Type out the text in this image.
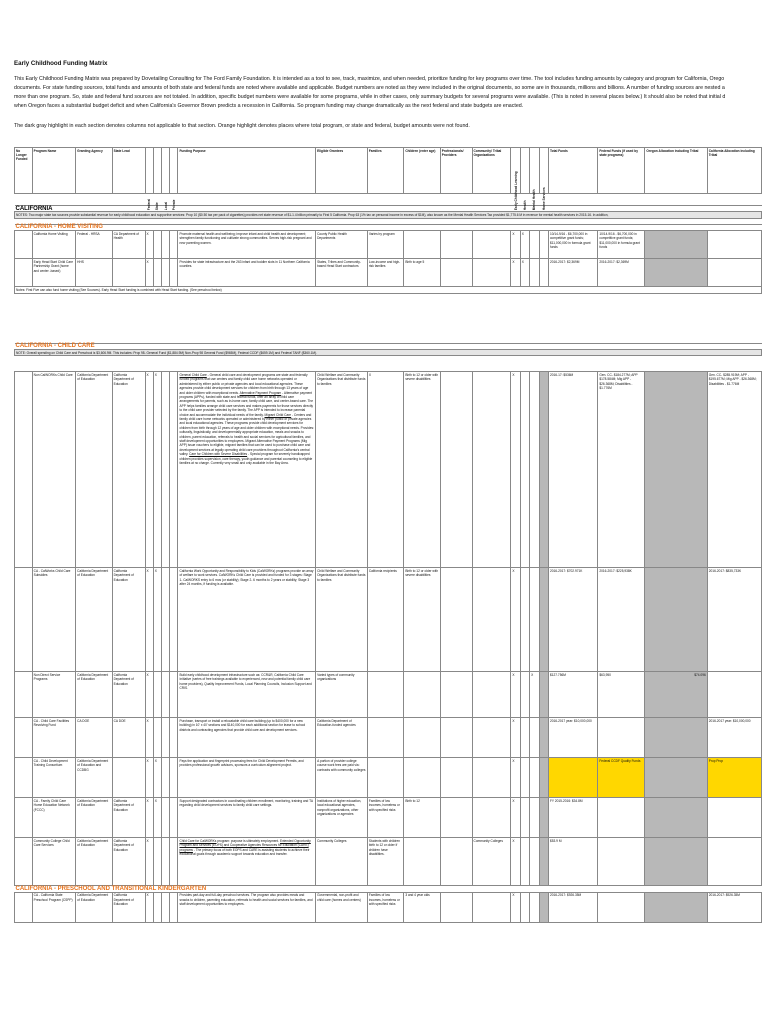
Early Childhood Funding Matrix
This Early Childhood Funding Matrix was prepared by Dovetailing Consulting for The Ford Family Foundation. It is intended as a tool to see, track, maximize, and when needed, prioritize funding for key programs over time. The tool includes funding amounts by category and program for California, Orego
documents. For state funding sources, total funds and amounts of both state and federal funds are noted where available and applicable. Budget numbers are noted as they were included in the original documents, so some are in thousands, millions and billions. A number of funding sources are nested a
more than one program. So, state and federal fund sources are not totaled. In addition, specific budget numbers were available for some programs, while in other cases, only summary budgets for several programs were available. (This is noted in several places below.) It should also be noted that initial d
when Oregon faces a substantial budget deficit and when California's Governor Brown predicts a recession in California. So program funding may change dramatically as the next federal and state budgets are enacted.
The dark gray highlight in each section denotes columns not applicable to that section. Orange highlight denotes places where total program, or state and federal, budget amounts were not found.
No Longer Funded	Program Name	Granting Agency	State Lead	Federal	State	Local	Private	Funding Purpose	Eligible Grantees	Families	Children (enter age)	Professionals/ Providers	Community/ Tribal Organizations	Early Childhood Learning	Health	Mental Health	Home Services	Total Funds	Federal Funds (if used by state programs)	Oregon Allocation including Tribal	California Allocation including Tribal

CALIFORNIA																					
NOTES: Two major state tax sources provide substantial revenue for early childhood education and supportive services: Prop 10 ($0.50 tax per pack of cigarettes) provides net state revenue of $1-1.4 billion primarily to First 5 California. Prop 63 (1% tax on personal income in excess of $1M), also known as the Mental Health Services Tax provided $1,775.6 M in revenue for mental health services in 2015-16. In addition,																					

CALIFORNIA - HOME VISITING																					
	California Home Visiting	Federal - HRSA	CA Department of Health	X				Promote maternal health and wellbeing; improve infant and child health and development; strengthen family functioning and cultivate strong communities. Serves high-risk pregnant and new parenting women.	County Public Health Departments	Varies by program				X	X			10/14-9/16 - $6,700,000 in competitive grant funds; $11,000,000 in formula grant funds	10/14-9/16 - $6,700,000 in competitive grant funds; $11,000,000 in formula grant funds		
	Early Head Start Child Care Partnership Grant (home and center -based)	HHS		X				Provides for state infrastructure and the 263 infant and toddler slots in 11 Northern California counties.	States, Tribes and Community-based Head Start contractors	Low-income and high-risk families	Birth to age 5			X	X			2016-2017: $2,369M	2016-2017: $2,369M		
Notes: First Five can also fund home visiting (See Sources). Early Head Start funding is combined with Head Start funding. (See preschool below)																					

CALIFORNIA - CHILD CARE																					
NOTE: Overall spending on Child Care and Preschool is $3,606.9M. This includes: Prop 98- General Fund ($1,884.9M) Non-Prop 98 General Fund ($965M), Federal CCDF ($659.1M) and Federal TANF ($360.1M).																					

	Non CalWORKs Child Care	California Department of Education	California Department of Education	X	X			General Child Care - General child care and development programs are state and federally funded programs that use centers and family child care home networks operated or administered by either public or private agencies and local educational agencies. These agencies provide child development services for children from birth through 13 years of age and older children with exceptional needs. Alternative Payment Program - Alternative payment programs (APPs), funded with state and federal funds, offer an array of child care arrangements for parents, such as in-home care, family child care, and center-based care. The APP helps families arrange child care services and makes payments for those services directly to the child care provider selected by the family. The APP is intended to increase parental choice and accommodate the individual needs of the family. Migrant Child Care - Centers and family child care home networks operated or administered by either public or private agencies and local educational agencies. These programs provide child development services for children from birth through 12 years of age and older children with exceptional needs. Provides: culturally, linguistically, and developmentally appropriate education, meals and snacks to children, parent education, referrals to health and social services for agricultural families, and staff development opportunities to employees. Migrant Alternative Payment Programs (Mig APP) issue vouchers to eligible, migrant families that can be used to purchase child care and development services at legally operating child care providers throughout California's central valley. Care for Children with Severe Disabilities - Special program for severely handicapped children provides supervision, care therapy, youth guidance and parental counseling to eligible families at no charge. Currently very small and only available in the Bay Area.	Child Welfare and Community Organizations that distribute funds to families	X	Birth to 12 or older with severe disabilities			X				2016-17: $536M	Gen. CC- $184.277M; APP $178.584M; Mig APP - $26.368M; Disabilities - $1.776M		Gen. CC- $285.919M; APP - $195.677M; Mig APP - $26.368M; Disabilities - $1.776M
	CA - CalWorks Child Care Subsidies	California Department of Education	California Department of Education	X	X			California Work Opportunity and Responsibility to Kids (CalWORKs) programs provide an array of welfare to work services. CalWORKs Child Care is provided and funded for 3 stages: Stage 1- CalWORKS entry to 6 mos (or stability); Stage 2- 6 months to 2 years or stability; Stage 3 after 24 months, if funding is available.	Child Welfare and Community Organizations that distribute funds to families	California recipients	Birth to 12 or older with severe disabilities			X				2016-2017: $702.971K	2016-2017: $225,938K		2016-2017: $835,733K
	Non Direct Service Programs	California Department of Education	California Department of Education	X				Build early childhood development infrastructure such as: CCR&R, California Child Care Initiative (series of free trainings available to experienced, new and potential family child care home providers), Quality Improvement Funds, Local Planning Councils, Inclusion Support and CRIS.	Varied types of community organizations					X		X		$127.756M	$63,950	$74.096	
	CA - Child Care Facilities Revolving Fund	CA DOE	CA DOE	X				Purchase, transport or install a relocatable child care building (up to $400,000 for a new building) in 10' x 40' sections and $140,000 for each additional section for lease to school districts and contracting agencies that provide child care and development services.	California Department of Education-funded agencies					X				2016-2017 year: $10,000,000			2016-2017 year: $10,000,000
	CA - Child Development Training Consortium	California Department of Education and CCDBG		X	X			Pays the application and fingerprint processing fees for Child Development Permits, and provides professional growth advisors, sponsors a curriculum alignment project.	A portion of provider college course work fees are paid via: contracts with community colleges					X					Federal CCDF Quality Funds		Prop Prop
	CA - Family Child Care Home Education Network (FCCC)	California Department of Education	California Department of Education	X	X			Support designated contractors in coordinating children enrollment, monitoring, training and TA regarding child development services to family child care settings.	Institutions of higher education, local educational agencies, nonprofit organizations, other organizations or agencies	Families of low incomes, homeless or with specified risks	Birth to 12			X				FY 2015-2016: $34.8M			
	Community College Child Care Services	California Department of Education	California Department of Education	X				Child Care for CalWORKs program: purpose is ultimately employment. Extended Opportunity Program and Services (EOPS) and Cooperative Agencies Resources for Education (CARE) programs - The primary focus of both EOPS and CARE is assisting students to achieve their educational goals through academic support towards education and transfer.	Community Colleges	Students with children birth to 12 or older if children have disabilities.			Community Colleges	X				$53.9 M			
CALIFORNIA - PRESCHOOL AND TRANSITIONAL KINDERGARTEN																					
	CA - California State Preschool Program (CSPP)	California Department of Education	California Department of Education	X				Provides part-day and full-day preschool services. The program also provides meals and snacks to children, parenting education, referrals to health and social services for families, and staff development opportunities to employees.	Governmental, non-profit and child care (homes and centers)	Families of low incomes, homeless or with specified risks	3 and 4 year olds			X				2016-2017: $926.35M			2016-2017: $926.35M
